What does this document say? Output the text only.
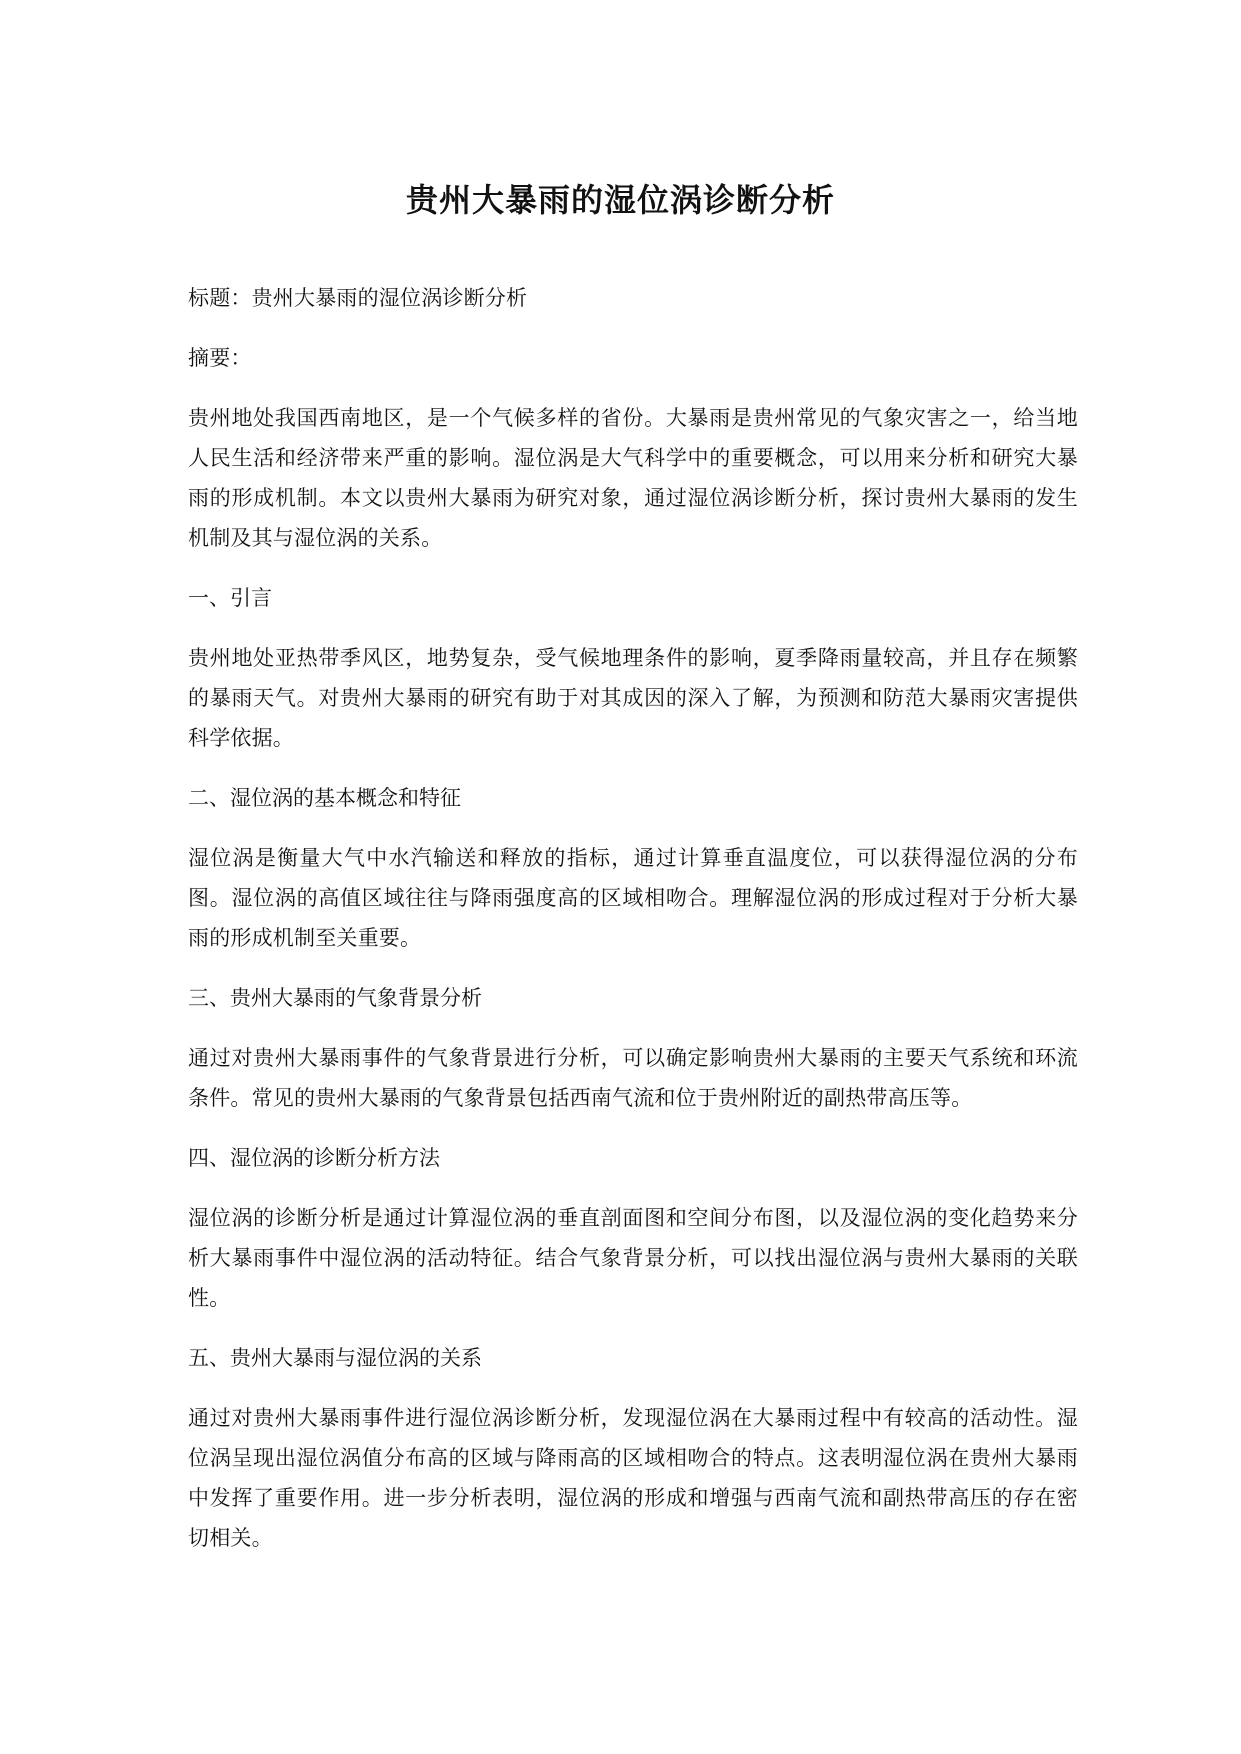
贵州大暴雨的湿位涡诊断分析

标题：贵州大暴雨的湿位涡诊断分析

摘要：

贵州地处我国西南地区，是一个气候多样的省份。大暴雨是贵州常见的气象灾害之一，给当地人民生活和经济带来严重的影响。湿位涡是大气科学中的重要概念，可以用来分析和研究大暴雨的形成机制。本文以贵州大暴雨为研究对象，通过湿位涡诊断分析，探讨贵州大暴雨的发生机制及其与湿位涡的关系。

一、引言

贵州地处亚热带季风区，地势复杂，受气候地理条件的影响，夏季降雨量较高，并且存在频繁的暴雨天气。对贵州大暴雨的研究有助于对其成因的深入了解，为预测和防范大暴雨灾害提供科学依据。

二、湿位涡的基本概念和特征

湿位涡是衡量大气中水汽输送和释放的指标，通过计算垂直温度位，可以获得湿位涡的分布图。湿位涡的高值区域往往与降雨强度高的区域相吻合。理解湿位涡的形成过程对于分析大暴雨的形成机制至关重要。

三、贵州大暴雨的气象背景分析

通过对贵州大暴雨事件的气象背景进行分析，可以确定影响贵州大暴雨的主要天气系统和环流条件。常见的贵州大暴雨的气象背景包括西南气流和位于贵州附近的副热带高压等。

四、湿位涡的诊断分析方法

湿位涡的诊断分析是通过计算湿位涡的垂直剖面图和空间分布图，以及湿位涡的变化趋势来分析大暴雨事件中湿位涡的活动特征。结合气象背景分析，可以找出湿位涡与贵州大暴雨的关联性。

五、贵州大暴雨与湿位涡的关系

通过对贵州大暴雨事件进行湿位涡诊断分析，发现湿位涡在大暴雨过程中有较高的活动性。湿位涡呈现出湿位涡值分布高的区域与降雨高的区域相吻合的特点。这表明湿位涡在贵州大暴雨中发挥了重要作用。进一步分析表明，湿位涡的形成和增强与西南气流和副热带高压的存在密切相关。
